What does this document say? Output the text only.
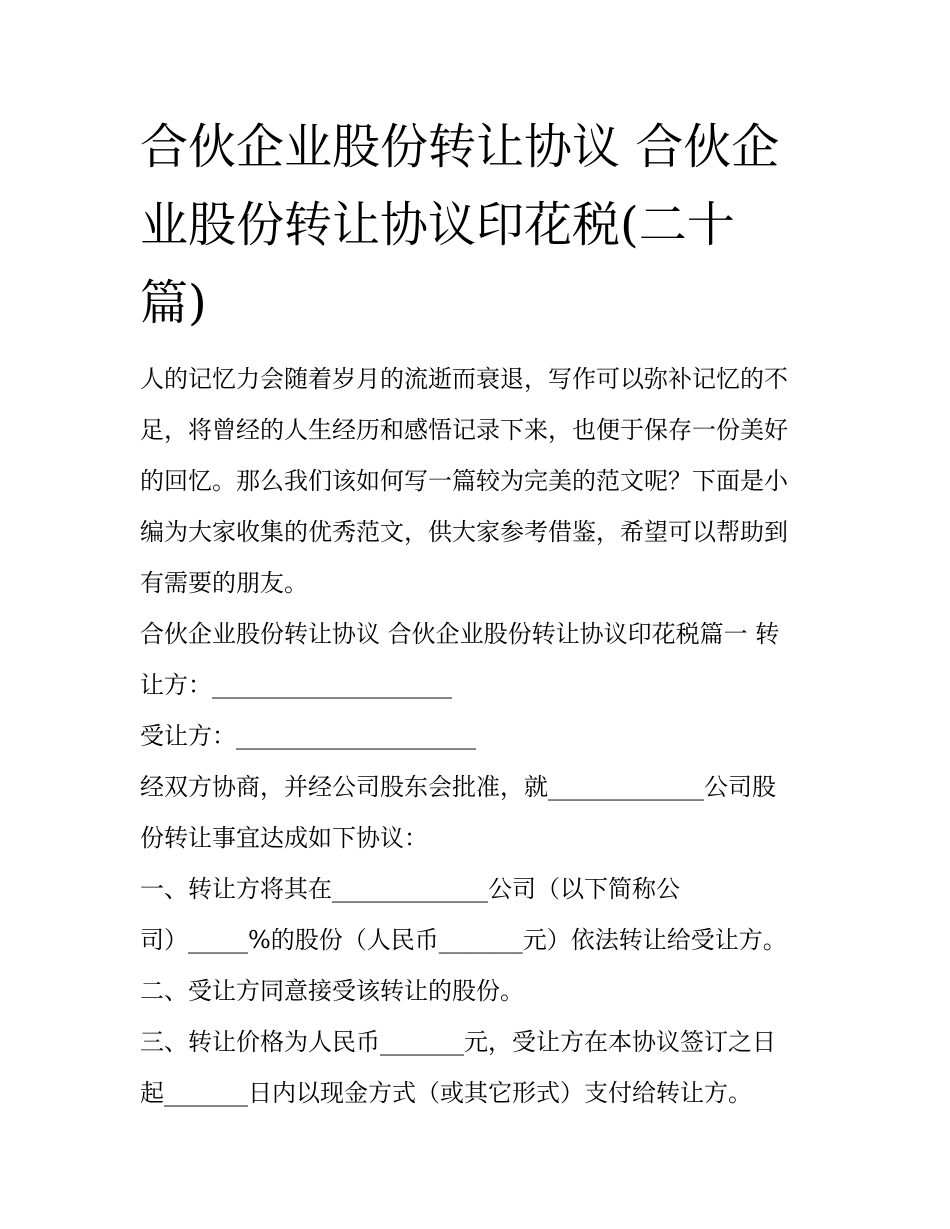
合伙企业股份转让协议 合伙企
业股份转让协议印花税(二十
篇)
人的记忆力会随着岁月的流逝而衰退，写作可以弥补记忆的不
足，将曾经的人生经历和感悟记录下来，也便于保存一份美好
的回忆。那么我们该如何写一篇较为完美的范文呢？下面是小
编为大家收集的优秀范文，供大家参考借鉴，希望可以帮助到
有需要的朋友。
合伙企业股份转让协议 合伙企业股份转让协议印花税篇一 转
让方：____________________
受让方：____________________
经双方协商，并经公司股东会批准，就_____________公司股
份转让事宜达成如下协议：
一、转让方将其在_____________公司（以下简称公
司）_____%的股份（人民币_______元）依法转让给受让方。
二、受让方同意接受该转让的股份。
三、转让价格为人民币_______元，受让方在本协议签订之日
起_______日内以现金方式（或其它形式）支付给转让方。
